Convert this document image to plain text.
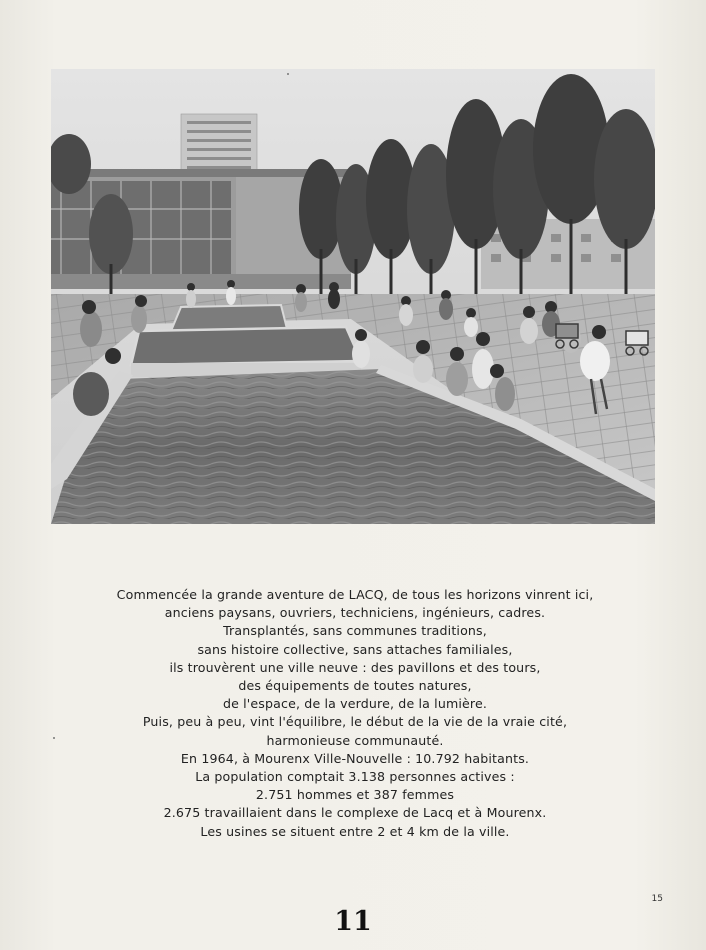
Commencée la grande aventure de LACQ, de tous les horizons vinrent ici,
anciens paysans, ouvriers, techniciens, ingénieurs, cadres.
Transplantés, sans communes traditions,
sans histoire collective, sans attaches familiales,
ils trouvèrent une ville neuve : des pavillons et des tours,
des équipements de toutes natures,
de l'espace, de la verdure, de la lumière.
Puis, peu à peu, vint l'équilibre, le début de la vie de la vraie cité,
harmonieuse communauté.
En 1964, à Mourenx Ville-Nouvelle : 10.792 habitants.
La population comptait 3.138 personnes actives :
2.751 hommes et 387 femmes
2.675 travaillaient dans le complexe de Lacq et à Mourenx.
Les usines se situent entre 2 et 4 km de la ville.

15
11
